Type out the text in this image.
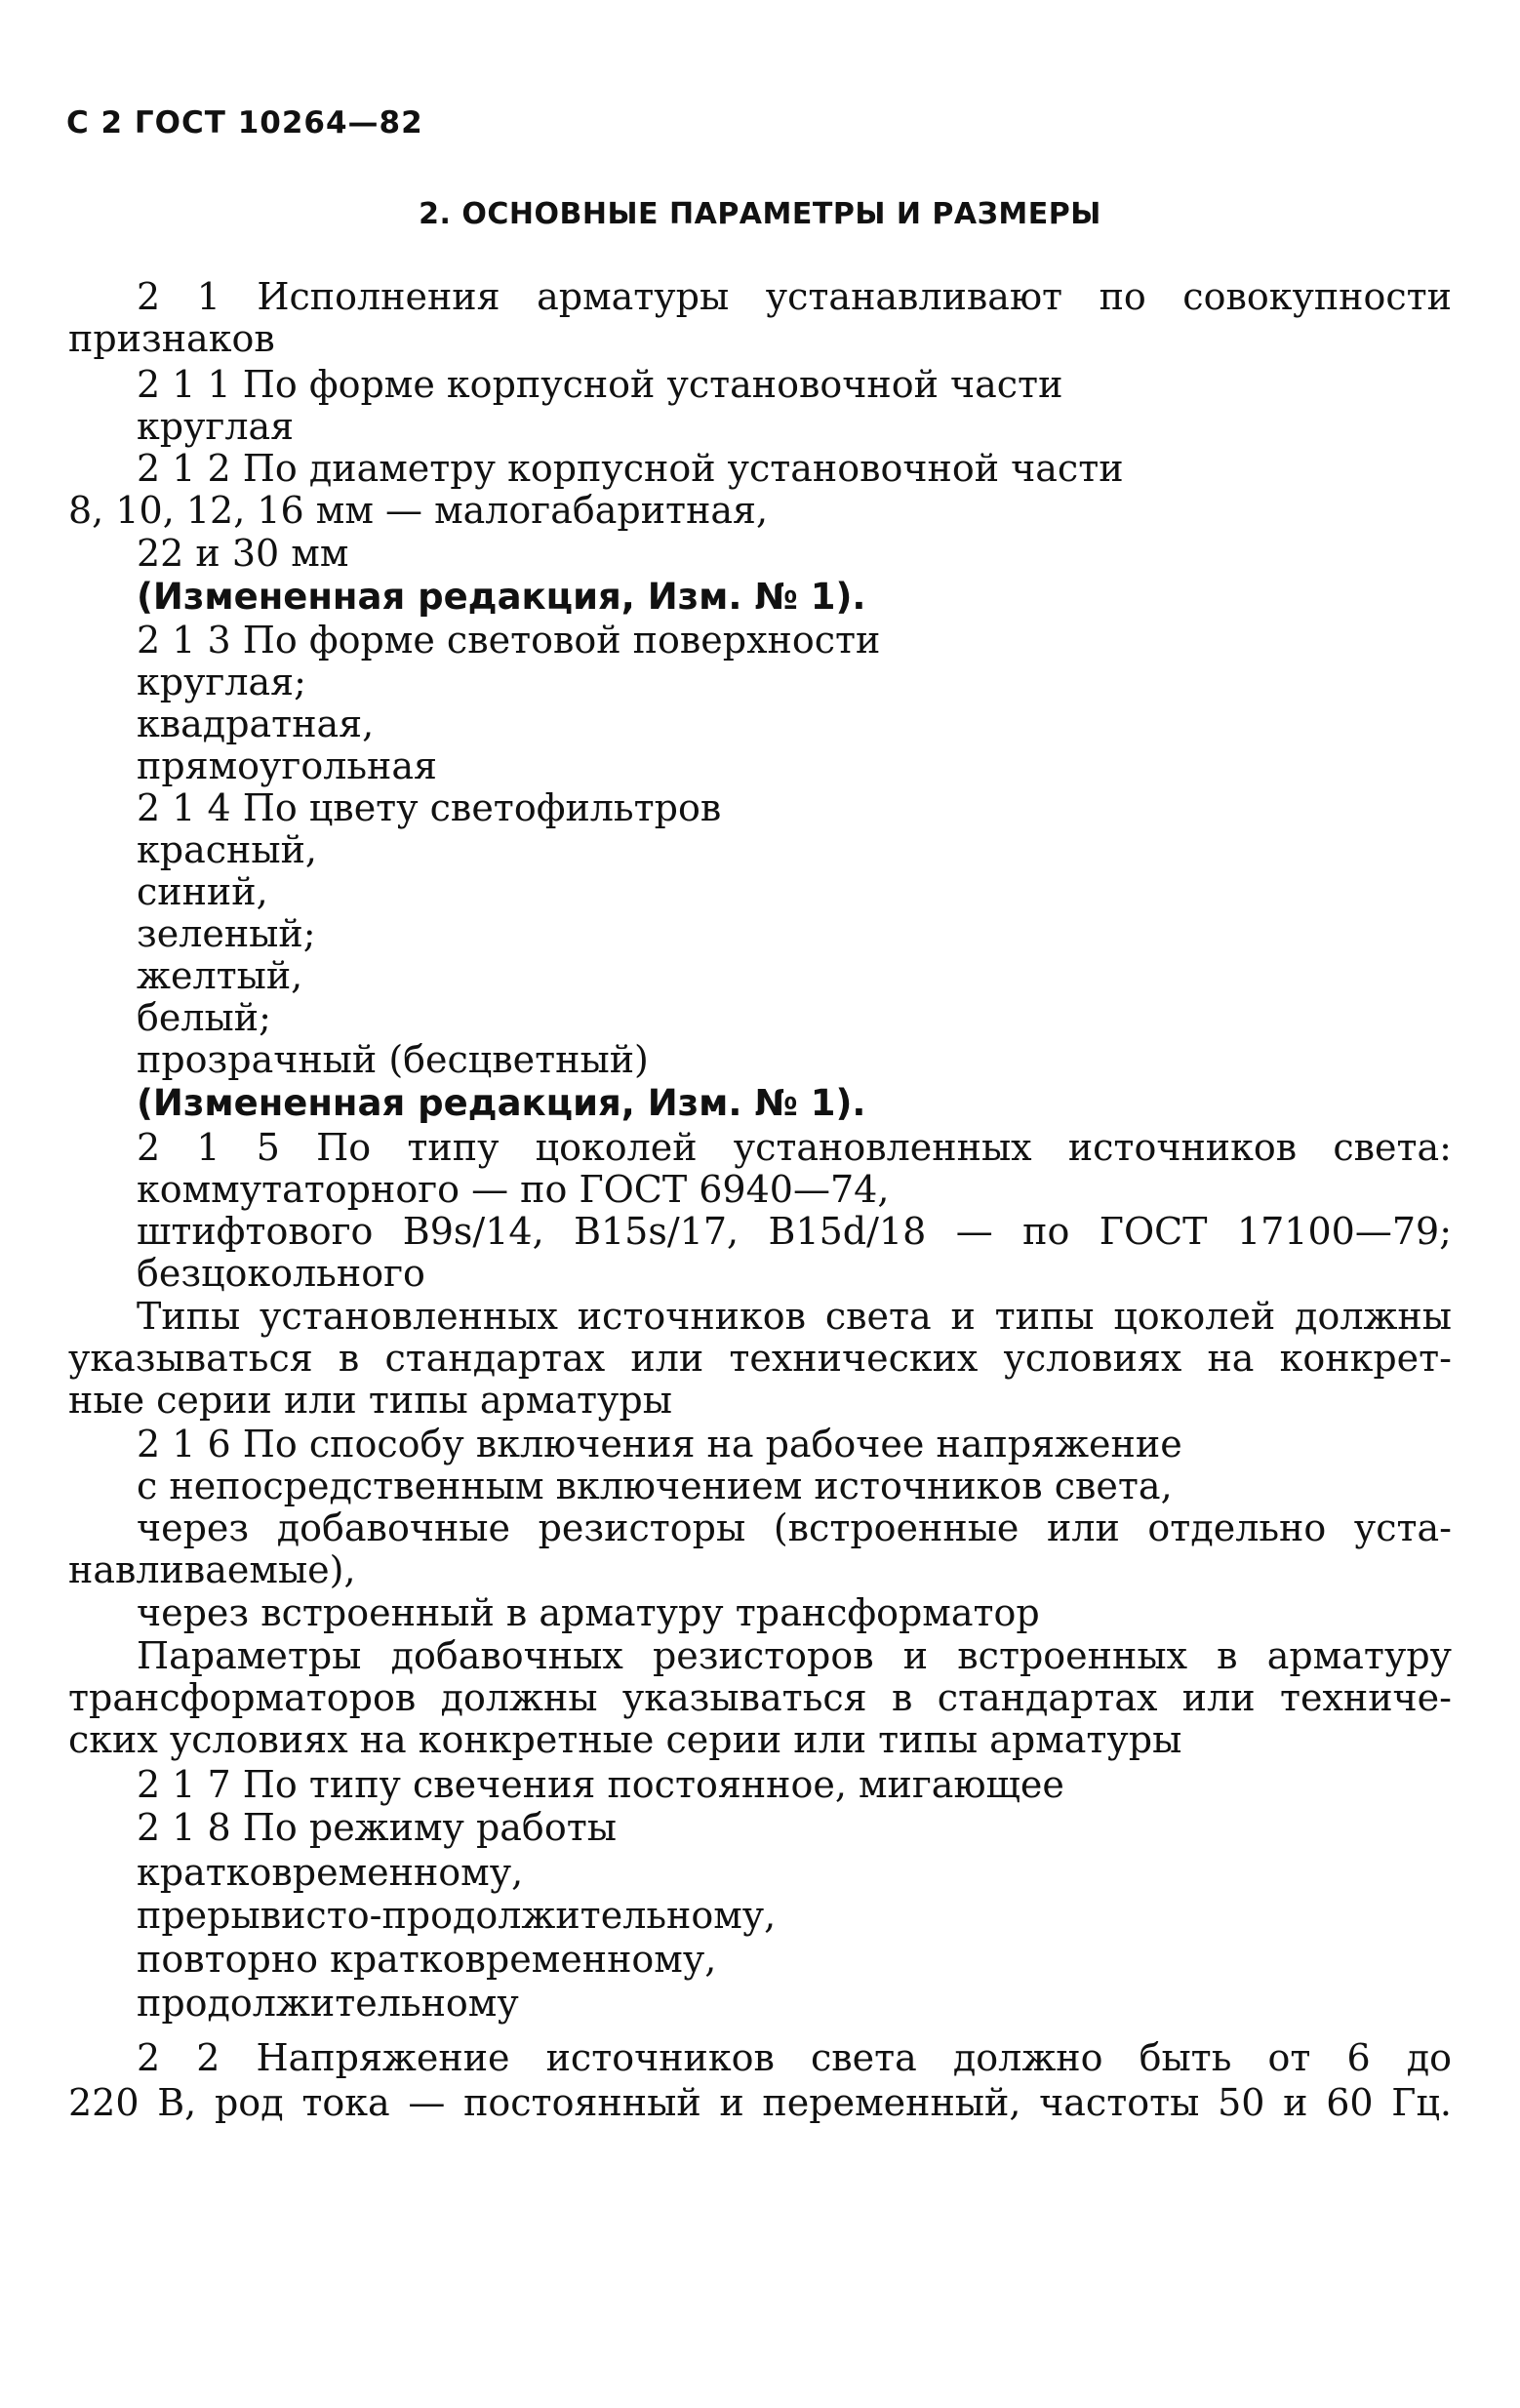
С 2 ГОСТ 10264—82
2. ОСНОВНЫЕ ПАРАМЕТРЫ И РАЗМЕРЫ
2 1 Исполнения арматуры устанавливают по совокупности
признаков
2 1 1 По форме корпусной установочной части
круглая
2 1 2 По диаметру корпусной установочной части
8, 10, 12, 16 мм — малогабаритная,
22 и 30 мм
(Измененная редакция, Изм. № 1).
2 1 3 По форме световой поверхности
круглая;
квадратная,
прямоугольная
2 1 4 По цвету светофильтров
красный,
синий,
зеленый;
желтый,
белый;
прозрачный (бесцветный)
(Измененная редакция, Изм. № 1).
2 1 5 По типу цоколей установленных источников света:
коммутаторного — по ГОСТ 6940—74,
штифтового B9s/14, B15s/17, B15d/18 — по ГОСТ 17100—79;
безцокольного
Типы установленных источников света и типы цоколей должны
указываться в стандартах или технических условиях на конкрет-
ные серии или типы арматуры
2 1 6 По способу включения на рабочее напряжение
с непосредственным включением источников света,
через добавочные резисторы (встроенные или отдельно уста-
навливаемые),
через встроенный в арматуру трансформатор
Параметры добавочных резисторов и встроенных в арматуру
трансформаторов должны указываться в стандартах или техниче-
ских условиях на конкретные серии или типы арматуры
2 1 7 По типу свечения постоянное, мигающее
2 1 8 По режиму работы
кратковременному,
прерывисто-продолжительному,
повторно кратковременному,
продолжительному
2 2 Напряжение источников света должно быть от 6 до
220 В, род тока — постоянный и переменный, частоты 50 и 60 Гц.
